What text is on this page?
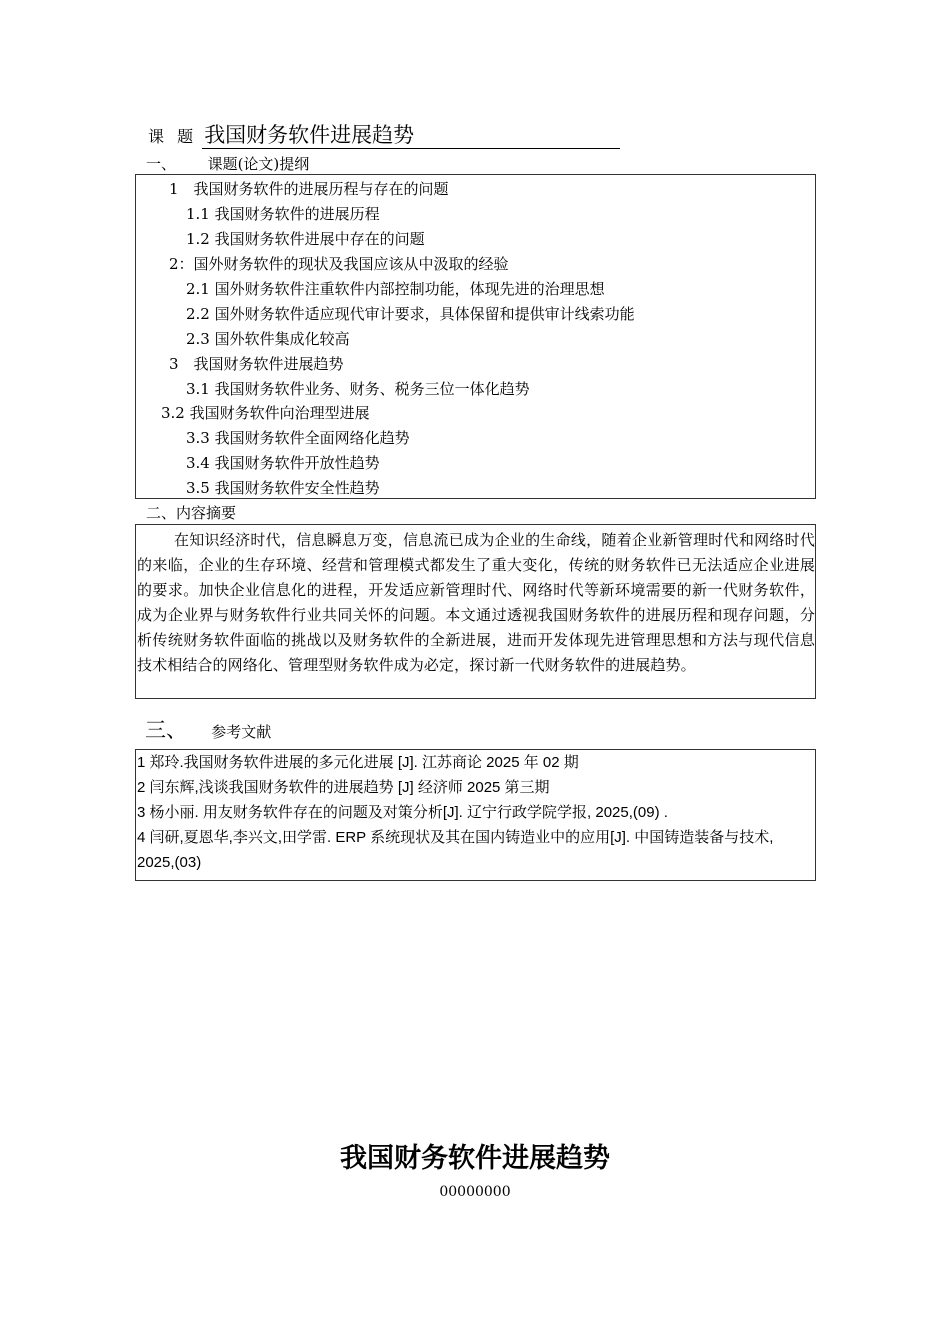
课 题 我国财务软件进展趋势
一、 课题(论文)提纲
1　我国财务软件的进展历程与存在的问题
1.1 我国财务软件的进展历程
1.2 我国财务软件进展中存在的问题
2：国外财务软件的现状及我国应该从中汲取的经验
2.1 国外财务软件注重软件内部控制功能，体现先进的治理思想
2.2 国外财务软件适应现代审计要求，具体保留和提供审计线索功能
2.3 国外软件集成化较高
3　我国财务软件进展趋势
3.1 我国财务软件业务、财务、税务三位一体化趋势
3.2 我国财务软件向治理型进展
3.3 我国财务软件全面网络化趋势
3.4 我国财务软件开放性趋势
3.5 我国财务软件安全性趋势
二、内容摘要
在知识经济时代，信息瞬息万变，信息流已成为企业的生命线，随着企业新管理时代和网络时代的来临，企业的生存环境、经营和管理模式都发生了重大变化，传统的财务软件已无法适应企业进展的要求。加快企业信息化的进程，开发适应新管理时代、网络时代等新环境需要的新一代财务软件，成为企业界与财务软件行业共同关怀的问题。本文通过透视我国财务软件的进展历程和现存问题，分析传统财务软件面临的挑战以及财务软件的全新进展，进而开发体现先进管理思想和方法与现代信息技术相结合的网络化、管理型财务软件成为必定，探讨新一代财务软件的进展趋势。
三、 参考文献
1 郑玲.我国财务软件进展的多元化进展 [J]. 江苏商论 2025 年 02 期
2 闫东辉,浅谈我国财务软件的进展趋势 [J] 经济师 2025 第三期
3 杨小丽. 用友财务软件存在的问题及对策分析[J]. 辽宁行政学院学报, 2025,(09) .
4 闫研,夏恩华,李兴文,田学雷. ERP 系统现状及其在国内铸造业中的应用[J]. 中国铸造装备与技术, 2025,(03)
我国财务软件进展趋势
00000000
